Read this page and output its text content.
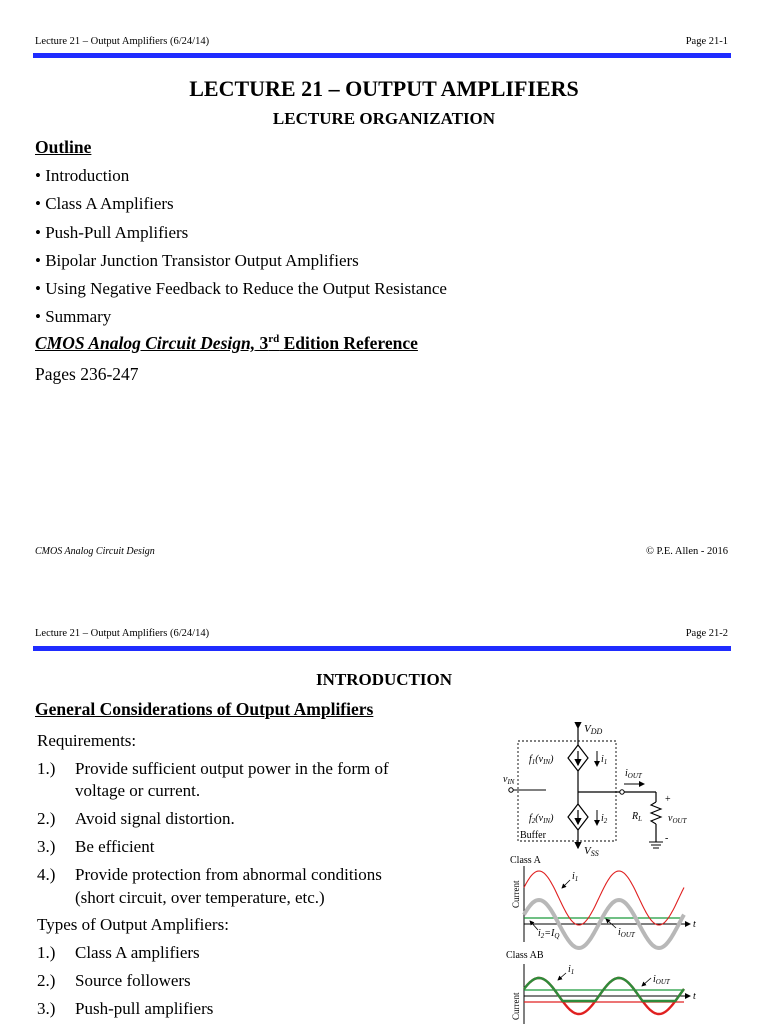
Lecture 21 – Output Amplifiers (6/24/14)	Page 21-1
LECTURE 21 – OUTPUT AMPLIFIERS
LECTURE ORGANIZATION
Outline
• Introduction
• Class A Amplifiers
• Push-Pull Amplifiers
• Bipolar Junction Transistor Output Amplifiers
• Using Negative Feedback to Reduce the Output Resistance
• Summary
CMOS Analog Circuit Design, 3rd Edition Reference
Pages 236-247
CMOS Analog Circuit Design	© P.E. Allen - 2016
Lecture 21 – Output Amplifiers (6/24/14)	Page 21-2
INTRODUCTION
General Considerations of Output Amplifiers
Requirements:
1.) Provide sufficient output power in the form of
voltage or current.
2.) Avoid signal distortion.
3.) Be efficient
4.) Provide protection from abnormal conditions
(short circuit, over temperature, etc.)
Types of Output Amplifiers:
1.) Class A amplifiers
2.) Source followers
3.) Push-pull amplifiers
VDD
VSS
$i_1$
$i_2$
$f_1(v_{IN})$
$f_2(v_{IN})$
$v_{IN}$
$i_{OUT}$
$R_L$
+
$v_{OUT}$
-
Buffer
Class A
Current
t
$i_1$
$i_2=I_Q$	$i_{OUT}$
Class AB
Current	t
$i_1$
$i_{OUT}$
